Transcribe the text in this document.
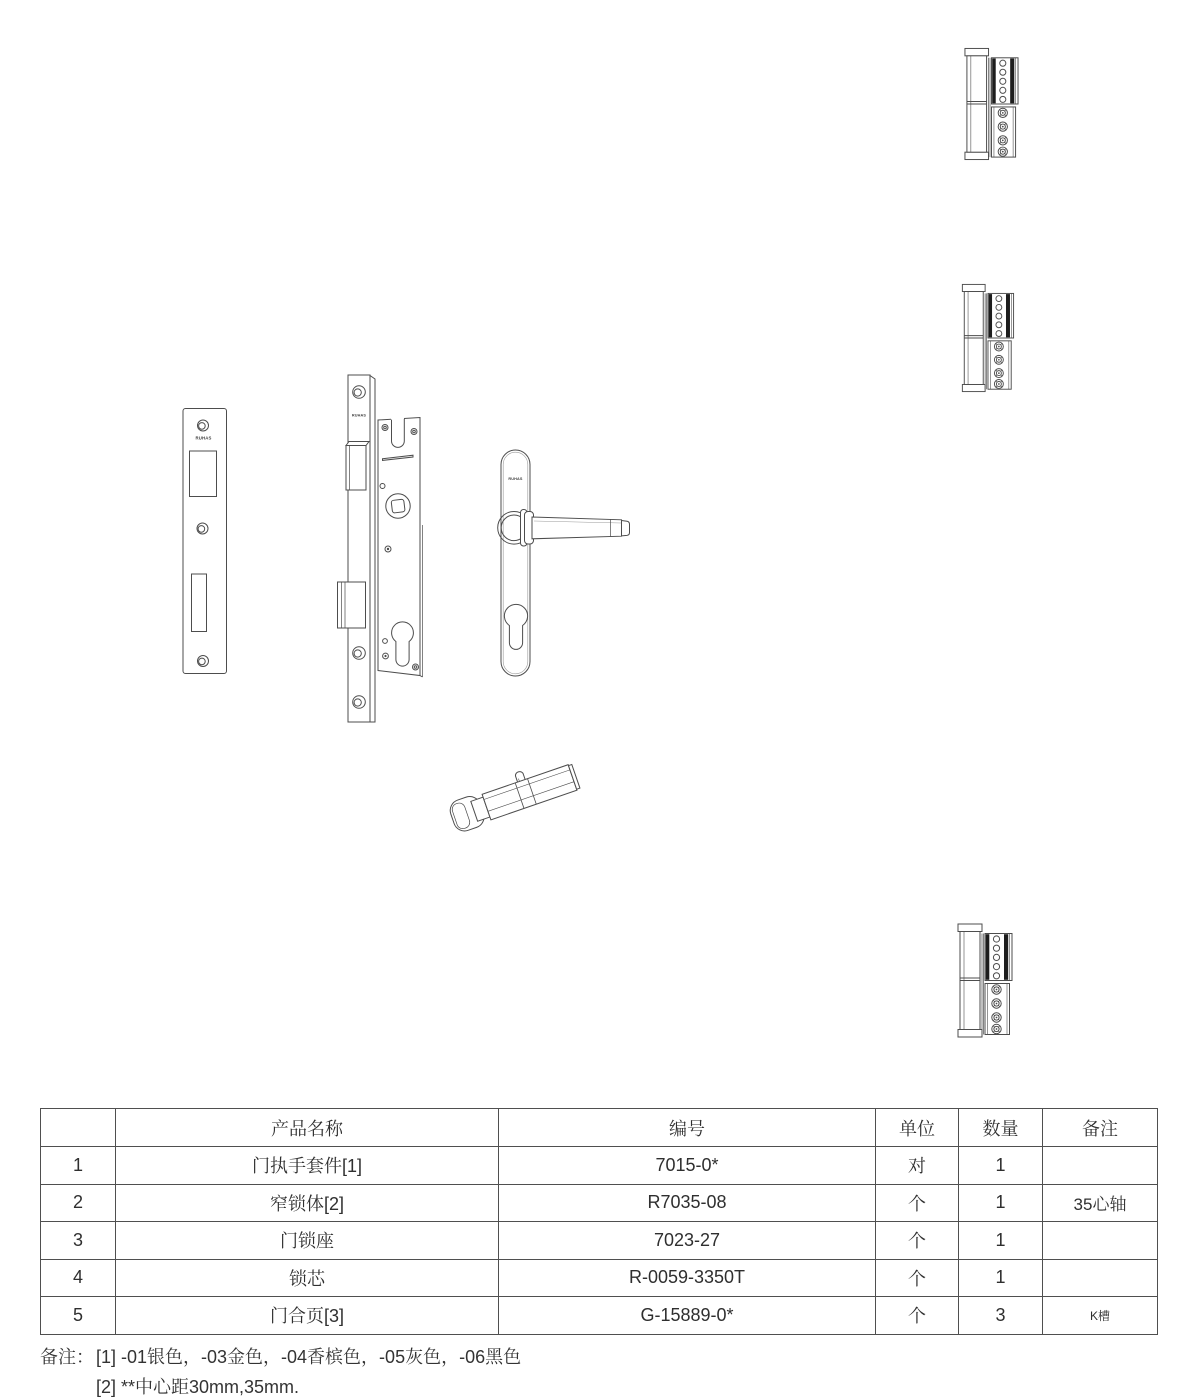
RUHAS
RUHAS
RUHAS
	产品名称	编号	单位	数量	备注
1	门执手套件[1]	7015-0*	对	1	
2	窄锁体[2]	R7035-08	个	1	35心轴
3	门锁座	7023-27	个	1	
4	锁芯	R-0059-3350T	个	1	
5	门合页[3]	G-15889-0*	个	3	K槽
备注： [1] -01银色，-03金色，-04香槟色，-05灰色，-06黑色
[2] **中心距30mm,35mm.
